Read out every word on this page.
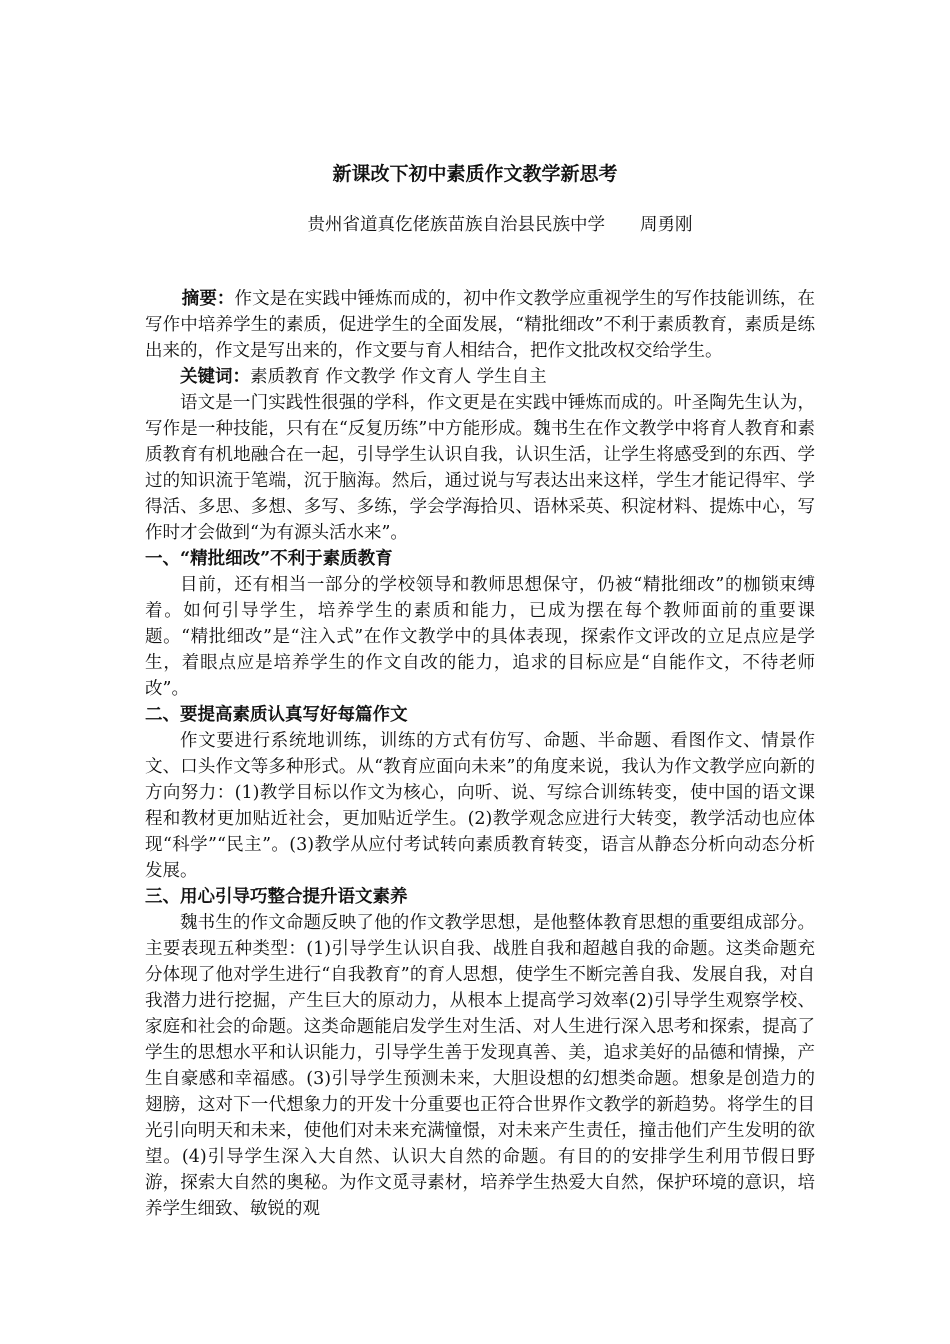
新课改下初中素质作文教学新思考
贵州省道真仡佬族苗族自治县民族中学　　周勇刚

摘要：作文是在实践中锤炼而成的，初中作文教学应重视学生的写作技能训练，在写作中培养学生的素质，促进学生的全面发展，“精批细改”不利于素质教育，素质是练出来的，作文是写出来的，作文要与育人相结合，把作文批改权交给学生。

关键词：素质教育 作文教学 作文育人 学生自主

语文是一门实践性很强的学科，作文更是在实践中锤炼而成的。叶圣陶先生认为，写作是一种技能，只有在“反复历练”中方能形成。魏书生在作文教学中将育人教育和素质教育有机地融合在一起，引导学生认识自我，认识生活，让学生将感受到的东西、学过的知识流于笔端，沉于脑海。然后，通过说与写表达出来这样，学生才能记得牢、学得活、多思、多想、多写、多练，学会学海拾贝、语林采英、积淀材料、提炼中心，写作时才会做到“为有源头活水来”。

一、“精批细改”不利于素质教育

目前，还有相当一部分的学校领导和教师思想保守，仍被“精批细改”的枷锁束缚着。如何引导学生，培养学生的素质和能力，已成为摆在每个教师面前的重要课题。“精批细改”是“注入式”在作文教学中的具体表现，探索作文评改的立足点应是学生，着眼点应是培养学生的作文自改的能力，追求的目标应是“自能作文，不待老师改”。

二、要提高素质认真写好每篇作文

作文要进行系统地训练，训练的方式有仿写、命题、半命题、看图作文、情景作文、口头作文等多种形式。从“教育应面向未来”的角度来说，我认为作文教学应向新的方向努力：(1)教学目标以作文为核心，向听、说、写综合训练转变，使中国的语文课程和教材更加贴近社会，更加贴近学生。(2)教学观念应进行大转变，教学活动也应体现“科学”“民主”。(3)教学从应付考试转向素质教育转变，语言从静态分析向动态分析发展。

三、用心引导巧整合提升语文素养

魏书生的作文命题反映了他的作文教学思想，是他整体教育思想的重要组成部分。主要表现五种类型：(1)引导学生认识自我、战胜自我和超越自我的命题。这类命题充分体现了他对学生进行“自我教育”的育人思想，使学生不断完善自我、发展自我，对自我潜力进行挖掘，产生巨大的原动力，从根本上提高学习效率(2)引导学生观察学校、家庭和社会的命题。这类命题能启发学生对生活、对人生进行深入思考和探索，提高了学生的思想水平和认识能力，引导学生善于发现真善、美，追求美好的品德和情操，产生自豪感和幸福感。(3)引导学生预测未来，大胆设想的幻想类命题。想象是创造力的翅膀，这对下一代想象力的开发十分重要也正符合世界作文教学的新趋势。将学生的目光引向明天和未来，使他们对未来充满憧憬，对未来产生责任，撞击他们产生发明的欲望。(4)引导学生深入大自然、认识大自然的命题。有目的的安排学生利用节假日野游，探索大自然的奥秘。为作文觅寻素材，培养学生热爱大自然，保护环境的意识，培养学生细致、敏锐的观
